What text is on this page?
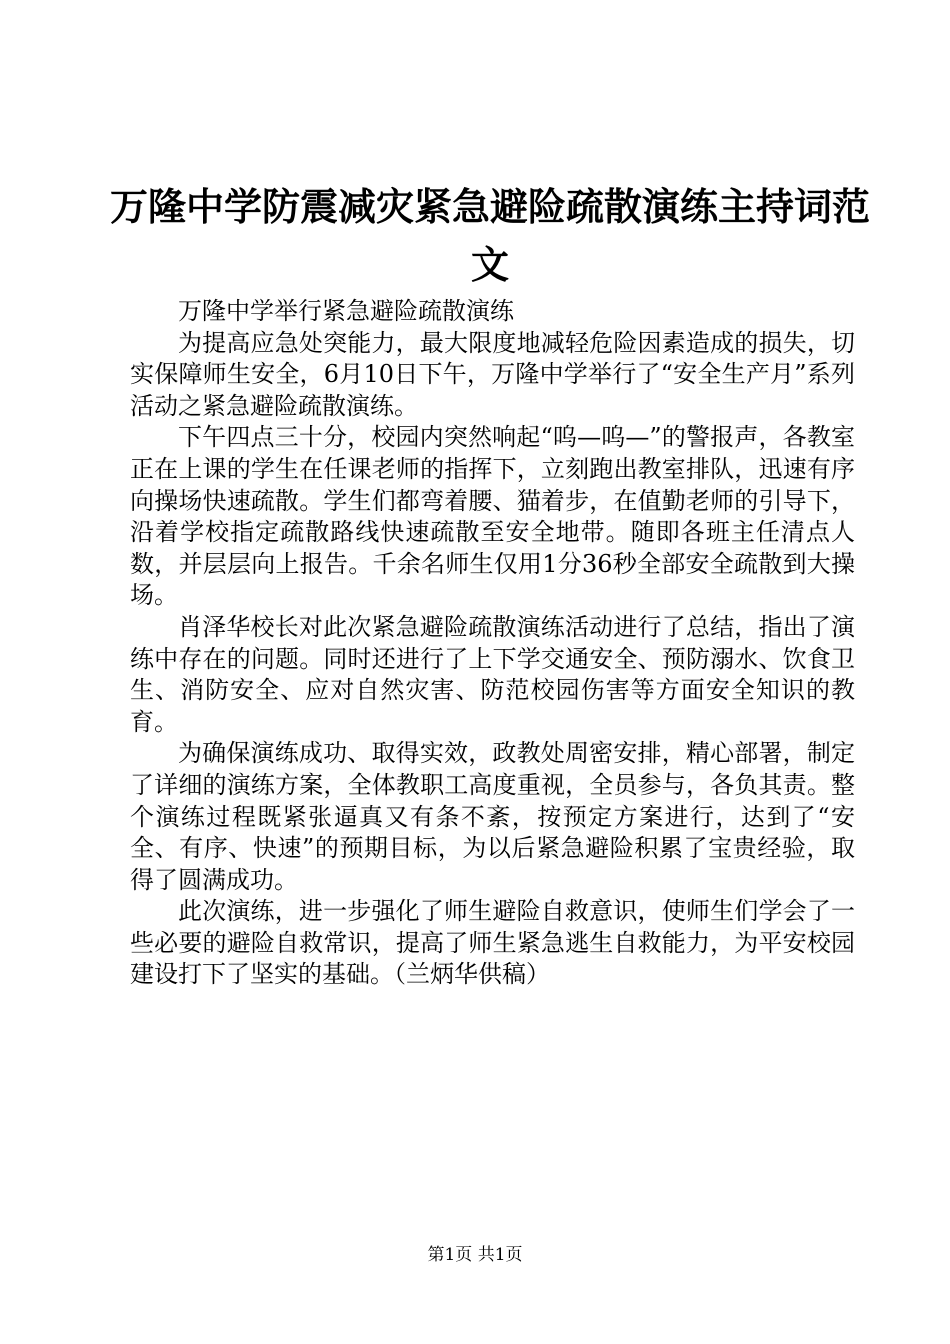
万隆中学防震减灾紧急避险疏散演练主持词范文

万隆中学举行紧急避险疏散演练

为提高应急处突能力，最大限度地减轻危险因素造成的损失，切实保障师生安全，6月10日下午，万隆中学举行了“安全生产月”系列活动之紧急避险疏散演练。

下午四点三十分，校园内突然响起“呜—呜—”的警报声，各教室正在上课的学生在任课老师的指挥下，立刻跑出教室排队，迅速有序向操场快速疏散。学生们都弯着腰、猫着步，在值勤老师的引导下，沿着学校指定疏散路线快速疏散至安全地带。随即各班主任清点人数，并层层向上报告。千余名师生仅用1分36秒全部安全疏散到大操场。

肖泽华校长对此次紧急避险疏散演练活动进行了总结，指出了演练中存在的问题。同时还进行了上下学交通安全、预防溺水、饮食卫生、消防安全、应对自然灾害、防范校园伤害等方面安全知识的教育。

为确保演练成功、取得实效，政教处周密安排，精心部署，制定了详细的演练方案，全体教职工高度重视，全员参与，各负其责。整个演练过程既紧张逼真又有条不紊，按预定方案进行，达到了“安全、有序、快速”的预期目标，为以后紧急避险积累了宝贵经验，取得了圆满成功。

此次演练，进一步强化了师生避险自救意识，使师生们学会了一些必要的避险自救常识，提高了师生紧急逃生自救能力，为平安校园建设打下了坚实的基础。（兰炳华供稿）

第1页 共1页
